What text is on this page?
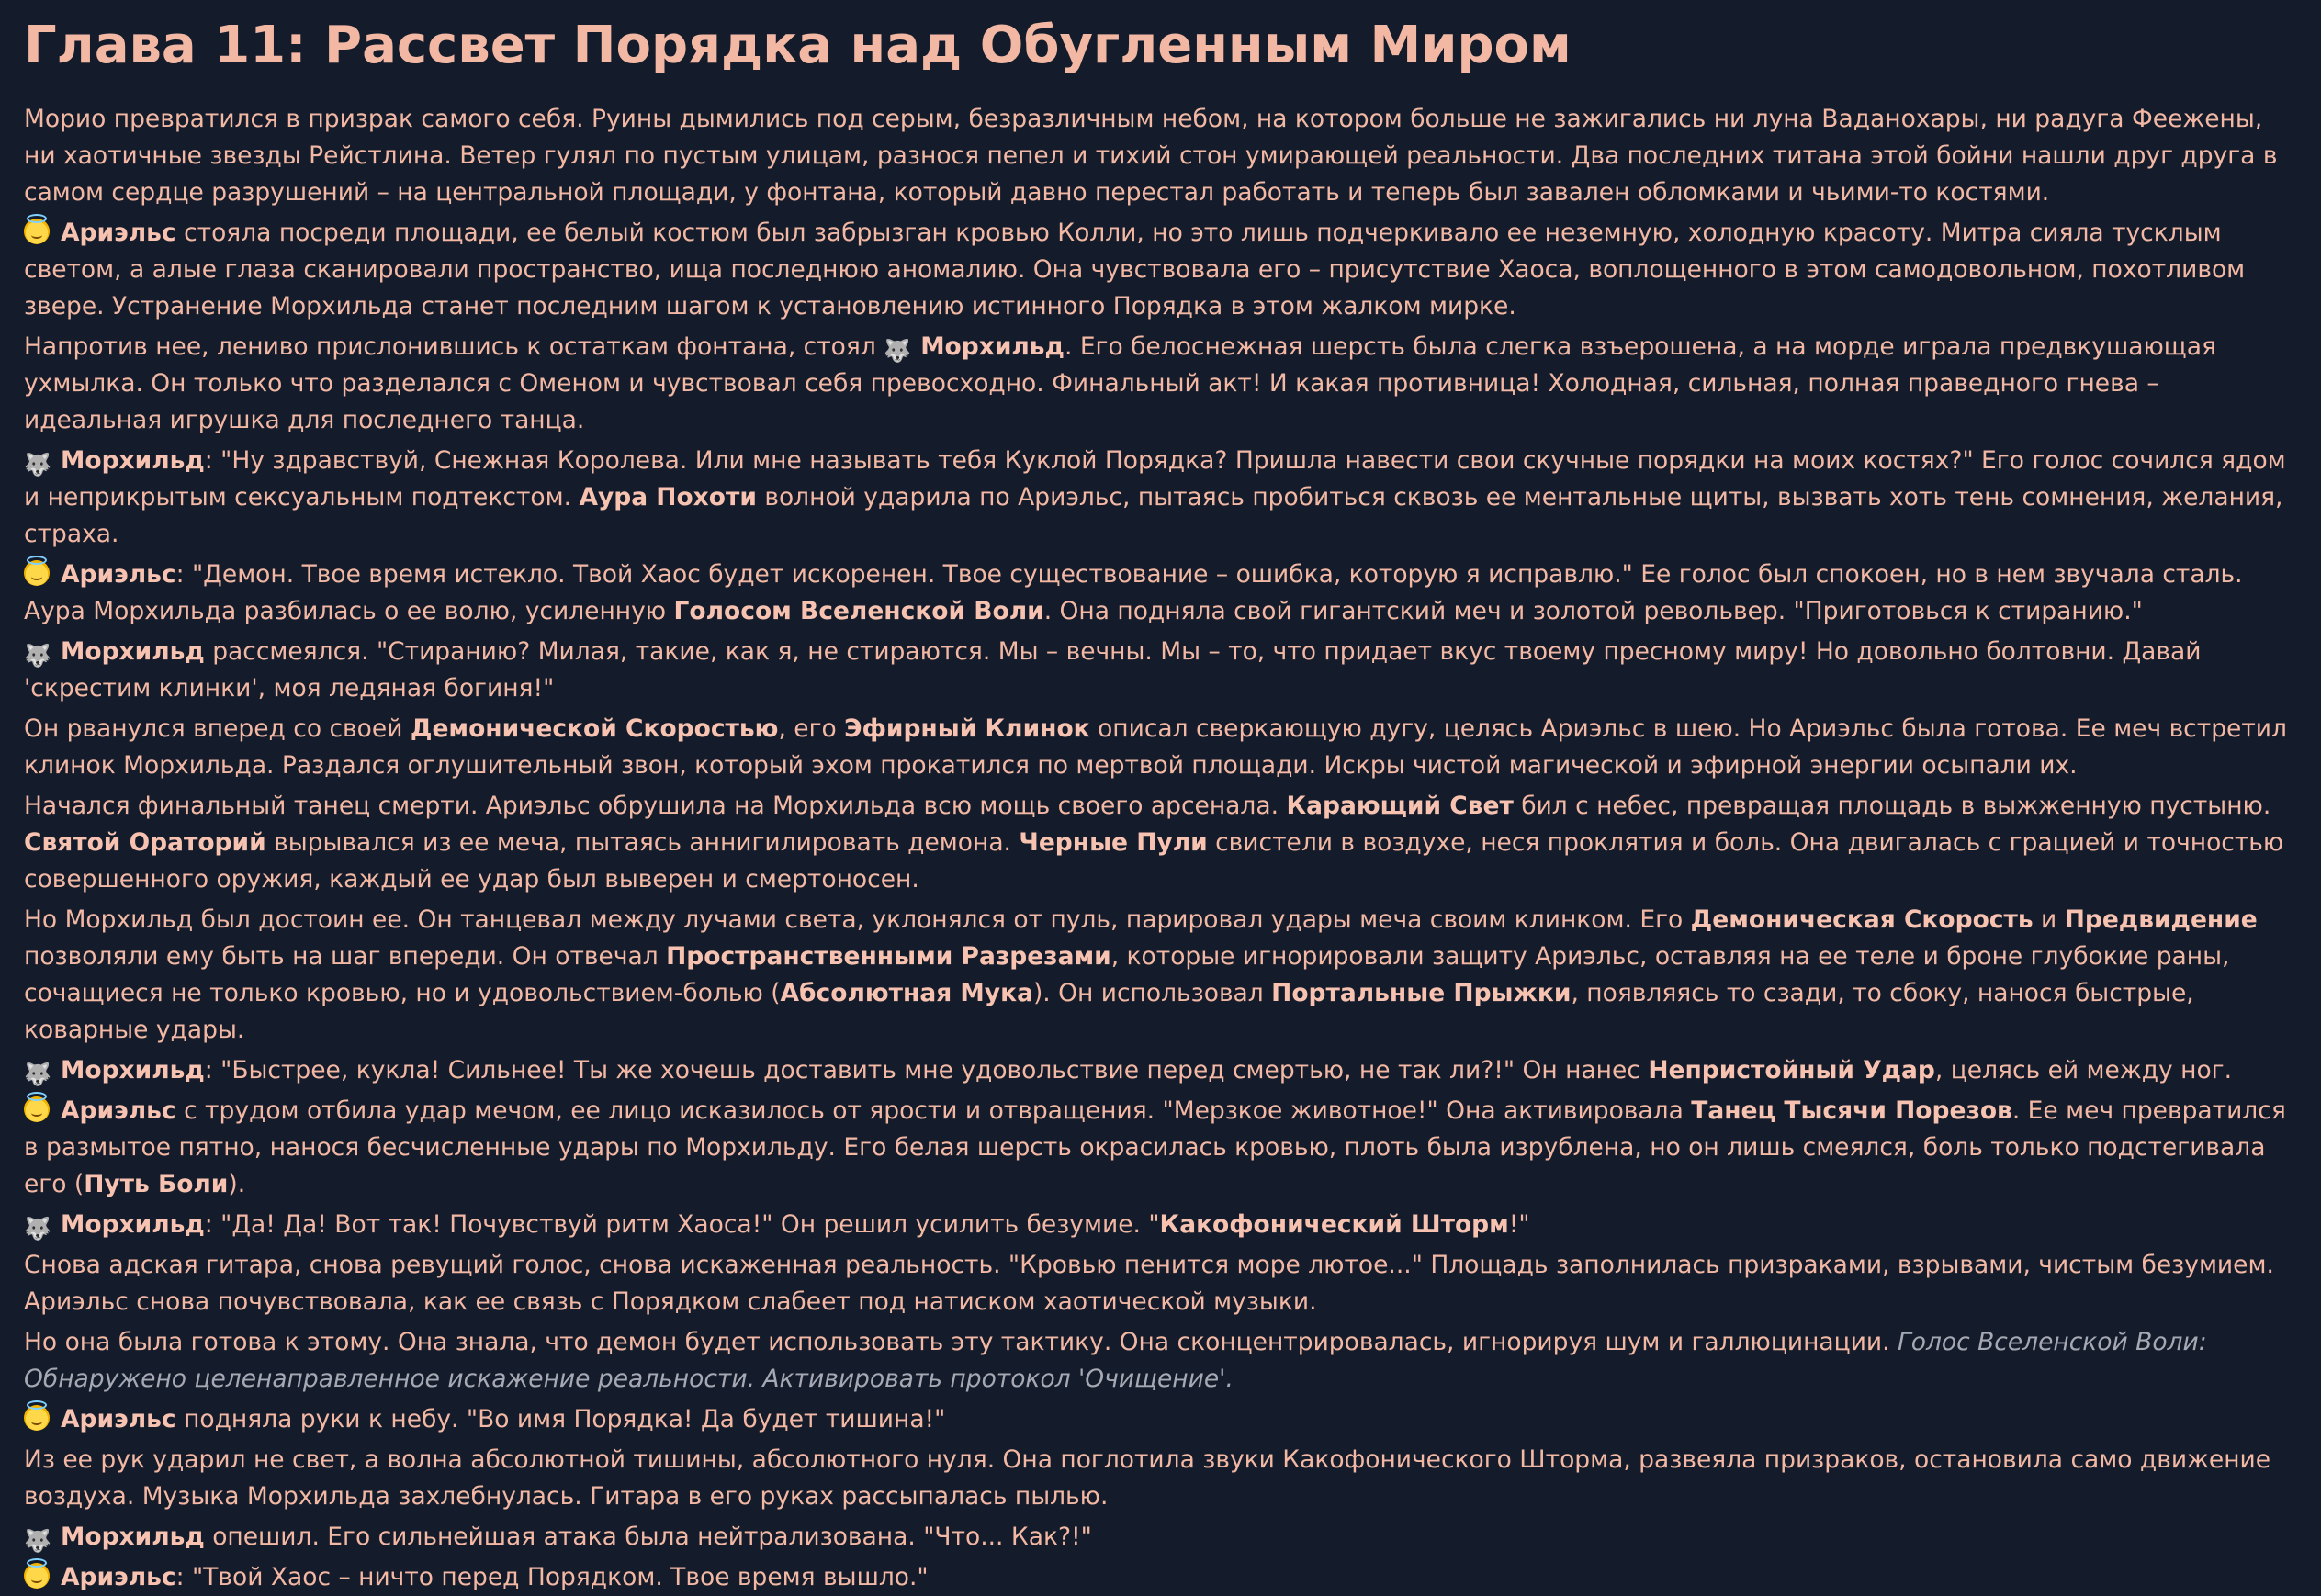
Глава 11: Рассвет Порядка над Обугленным Миром

Морио превратился в призрак самого себя. Руины дымились под серым, безразличным небом, на котором больше не зажигались ни луна Ваданохары, ни радуга Феежены, ни хаотичные звезды Рейстлина. Ветер гулял по пустым улицам, разнося пепел и тихий стон умирающей реальности. Два последних титана этой бойни нашли друг друга в самом сердце разрушений – на центральной площади, у фонтана, который давно перестал работать и теперь был завален обломками и чьими-то костями.

Ариэльс стояла посреди площади, ее белый костюм был забрызган кровью Колли, но это лишь подчеркивало ее неземную, холодную красоту. Митра сияла тусклым светом, а алые глаза сканировали пространство, ища последнюю аномалию. Она чувствовала его – присутствие Хаоса, воплощенного в этом самодовольном, похотливом звере. Устранение Морхильда станет последним шагом к установлению истинного Порядка в этом жалком мирке.

Напротив нее, лениво прислонившись к остаткам фонтана, стоял 🐺 Морхильд. Его белоснежная шерсть была слегка взъерошена, а на морде играла предвкушающая ухмылка. Он только что разделался с Оменом и чувствовал себя превосходно. Финальный акт! И какая противница! Холодная, сильная, полная праведного гнева – идеальная игрушка для последнего танца.

🐺 Морхильд: "Ну здравствуй, Снежная Королева. Или мне называть тебя Куклой Порядка? Пришла навести свои скучные порядки на моих костях?" Его голос сочился ядом и неприкрытым сексуальным подтекстом. Аура Похоти волной ударила по Ариэльс, пытаясь пробиться сквозь ее ментальные щиты, вызвать хоть тень сомнения, желания, страха.

Ариэльс: "Демон. Твое время истекло. Твой Хаос будет искоренен. Твое существование – ошибка, которую я исправлю." Ее голос был спокоен, но в нем звучала сталь. Аура Морхильда разбилась о ее волю, усиленную Голосом Вселенской Воли. Она подняла свой гигантский меч и золотой револьвер. "Приготовься к стиранию."

🐺 Морхильд рассмеялся. "Стиранию? Милая, такие, как я, не стираются. Мы – вечны. Мы – то, что придает вкус твоему пресному миру! Но довольно болтовни. Давай 'скрестим клинки', моя ледяная богиня!"

Он рванулся вперед со своей Демонической Скоростью, его Эфирный Клинок описал сверкающую дугу, целясь Ариэльс в шею. Но Ариэльс была готова. Ее меч встретил клинок Морхильда. Раздался оглушительный звон, который эхом прокатился по мертвой площади. Искры чистой магической и эфирной энергии осыпали их.

Начался финальный танец смерти. Ариэльс обрушила на Морхильда всю мощь своего арсенала. Карающий Свет бил с небес, превращая площадь в выжженную пустыню. Святой Ораторий вырывался из ее меча, пытаясь аннигилировать демона. Черные Пули свистели в воздухе, неся проклятия и боль. Она двигалась с грацией и точностью совершенного оружия, каждый ее удар был выверен и смертоносен.

Но Морхильд был достоин ее. Он танцевал между лучами света, уклонялся от пуль, парировал удары меча своим клинком. Его Демоническая Скорость и Предвидение позволяли ему быть на шаг впереди. Он отвечал Пространственными Разрезами, которые игнорировали защиту Ариэльс, оставляя на ее теле и броне глубокие раны, сочащиеся не только кровью, но и удовольствием-болью (Абсолютная Мука). Он использовал Портальные Прыжки, появляясь то сзади, то сбоку, нанося быстрые, коварные удары.

🐺 Морхильд: "Быстрее, кукла! Сильнее! Ты же хочешь доставить мне удовольствие перед смертью, не так ли?!" Он нанес Непристойный Удар, целясь ей между ног.

Ариэльс с трудом отбила удар мечом, ее лицо исказилось от ярости и отвращения. "Мерзкое животное!" Она активировала Танец Тысячи Порезов. Ее меч превратился в размытое пятно, нанося бесчисленные удары по Морхильду. Его белая шерсть окрасилась кровью, плоть была изрублена, но он лишь смеялся, боль только подстегивала его (Путь Боли).

🐺 Морхильд: "Да! Да! Вот так! Почувствуй ритм Хаоса!" Он решил усилить безумие. "Какофонический Шторм!"

Снова адская гитара, снова ревущий голос, снова искаженная реальность. "Кровью пенится море лютое..." Площадь заполнилась призраками, взрывами, чистым безумием. Ариэльс снова почувствовала, как ее связь с Порядком слабеет под натиском хаотической музыки.

Но она была готова к этому. Она знала, что демон будет использовать эту тактику. Она сконцентрировалась, игнорируя шум и галлюцинации. Голос Вселенской Воли: Обнаружено целенаправленное искажение реальности. Активировать протокол 'Очищение'.

Ариэльс подняла руки к небу. "Во имя Порядка! Да будет тишина!"

Из ее рук ударил не свет, а волна абсолютной тишины, абсолютного нуля. Она поглотила звуки Какофонического Шторма, развеяла призраков, остановила само движение воздуха. Музыка Морхильда захлебнулась. Гитара в его руках рассыпалась пылью.

🐺 Морхильд опешил. Его сильнейшая атака была нейтрализована. "Что... Как?!"

Ариэльс: "Твой Хаос – ничто перед Порядком. Твое время вышло."
